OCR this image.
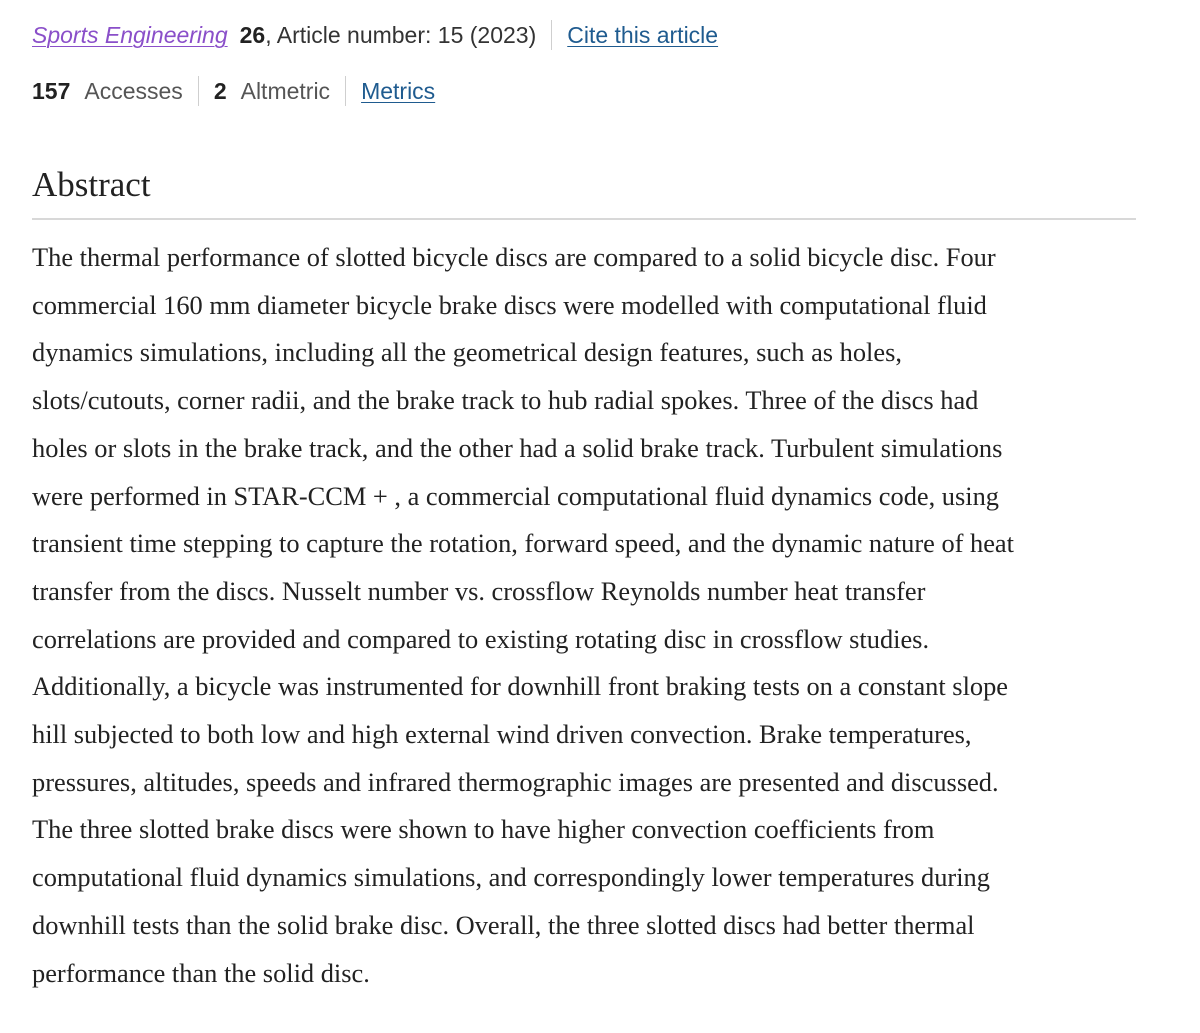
Sports Engineering 26 , Article number: 15 (2023) Cite this article
157 Accesses 2 Altmetric Metrics
Abstract

The thermal performance of slotted bicycle discs are compared to a solid bicycle disc. Four
commercial 160 mm diameter bicycle brake discs were modelled with computational fluid
dynamics simulations, including all the geometrical design features, such as holes,
slots/cutouts, corner radii, and the brake track to hub radial spokes. Three of the discs had
holes or slots in the brake track, and the other had a solid brake track. Turbulent simulations
were performed in STAR-CCM + , a commercial computational fluid dynamics code, using
transient time stepping to capture the rotation, forward speed, and the dynamic nature of heat
transfer from the discs. Nusselt number vs. crossflow Reynolds number heat transfer
correlations are provided and compared to existing rotating disc in crossflow studies.
Additionally, a bicycle was instrumented for downhill front braking tests on a constant slope
hill subjected to both low and high external wind driven convection. Brake temperatures,
pressures, altitudes, speeds and infrared thermographic images are presented and discussed.
The three slotted brake discs were shown to have higher convection coefficients from
computational fluid dynamics simulations, and correspondingly lower temperatures during
downhill tests than the solid brake disc. Overall, the three slotted discs had better thermal
performance than the solid disc.
